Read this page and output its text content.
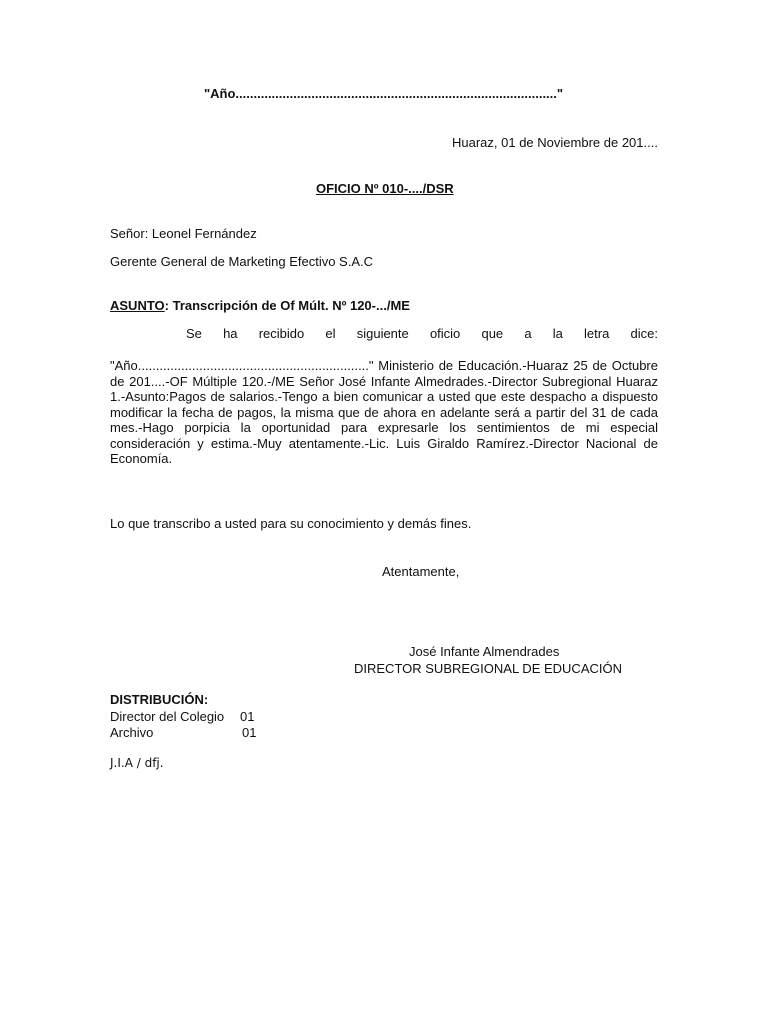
"Año........................................................................................."
Huaraz, 01 de Noviembre de 201....
OFICIO Nº 010-..../DSR
Señor: Leonel Fernández
Gerente General de Marketing Efectivo S.A.C
ASUNTO: Transcripción de Of Múlt. Nº 120-.../ME
Se ha recibido el siguiente oficio que a la letra dice:
"Año................................................................" Ministerio de Educación.-Huaraz 25 de Octubre de 201....-OF Múltiple 120.-/ME Señor José Infante Almedrades.-Director Subregional Huaraz 1.-Asunto:Pagos de salarios.-Tengo a bien comunicar a usted que este despacho a dispuesto modificar la fecha de pagos, la misma que de ahora en adelante será a partir del 31 de cada mes.-Hago porpicia la oportunidad para expresarle los sentimientos de mi especial consideración y estima.-Muy atentamente.-Lic. Luis Giraldo Ramírez.-Director Nacional de Economía.
Lo que transcribo a usted para su conocimiento y demás fines.
Atentamente,
José Infante Almendrades
DIRECTOR SUBREGIONAL DE EDUCACIÓN
DISTRIBUCIÓN:
Director del Colegio 01
Archivo	01
J.I.A / dfj.
